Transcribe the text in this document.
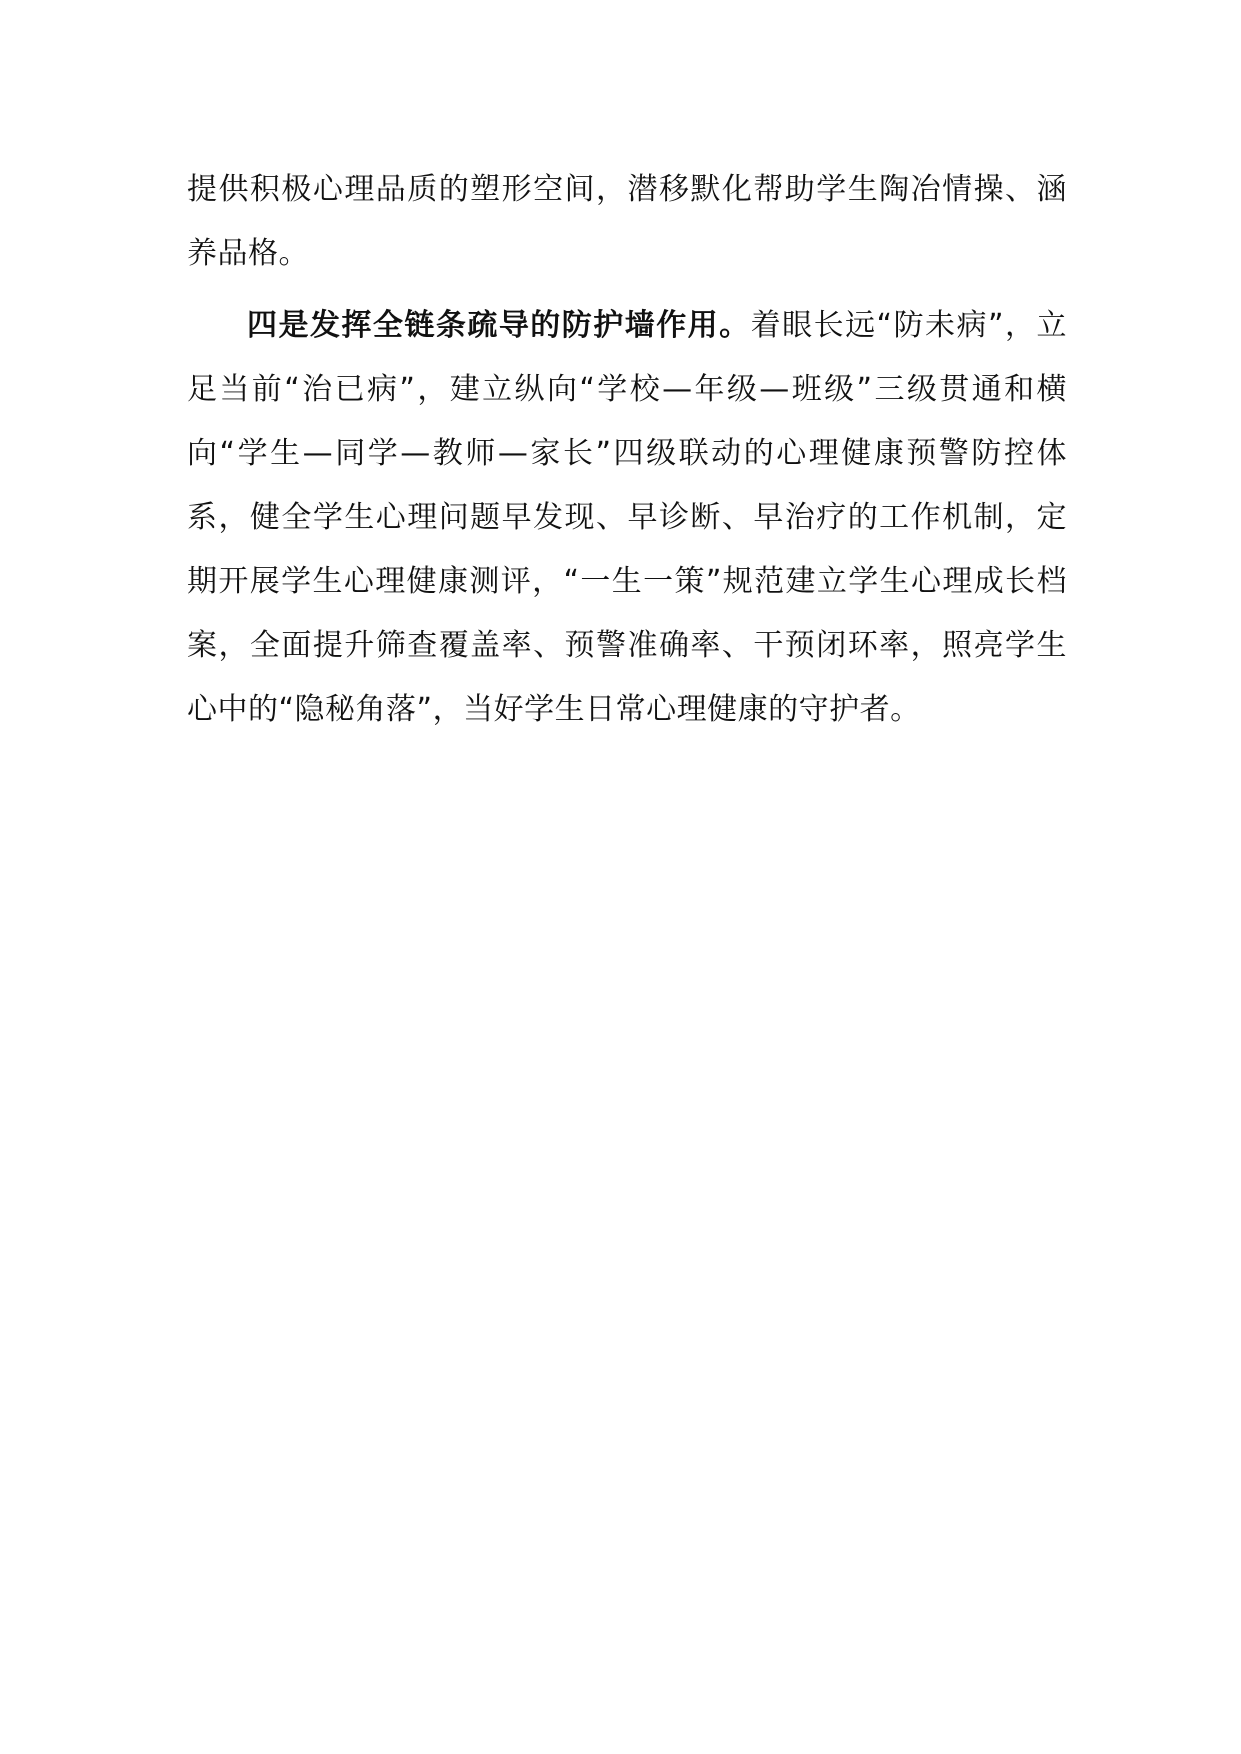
提供积极心理品质的塑形空间，潜移默化帮助学生陶冶情操、涵养品格。

四是发挥全链条疏导的防护墙作用。着眼长远“防未病”，立足当前“治已病”，建立纵向“学校—年级—班级”三级贯通和横向“学生—同学—教师—家长”四级联动的心理健康预警防控体系，健全学生心理问题早发现、早诊断、早治疗的工作机制，定期开展学生心理健康测评，“一生一策”规范建立学生心理成长档案，全面提升筛查覆盖率、预警准确率、干预闭环率，照亮学生心中的“隐秘角落”，当好学生日常心理健康的守护者。
